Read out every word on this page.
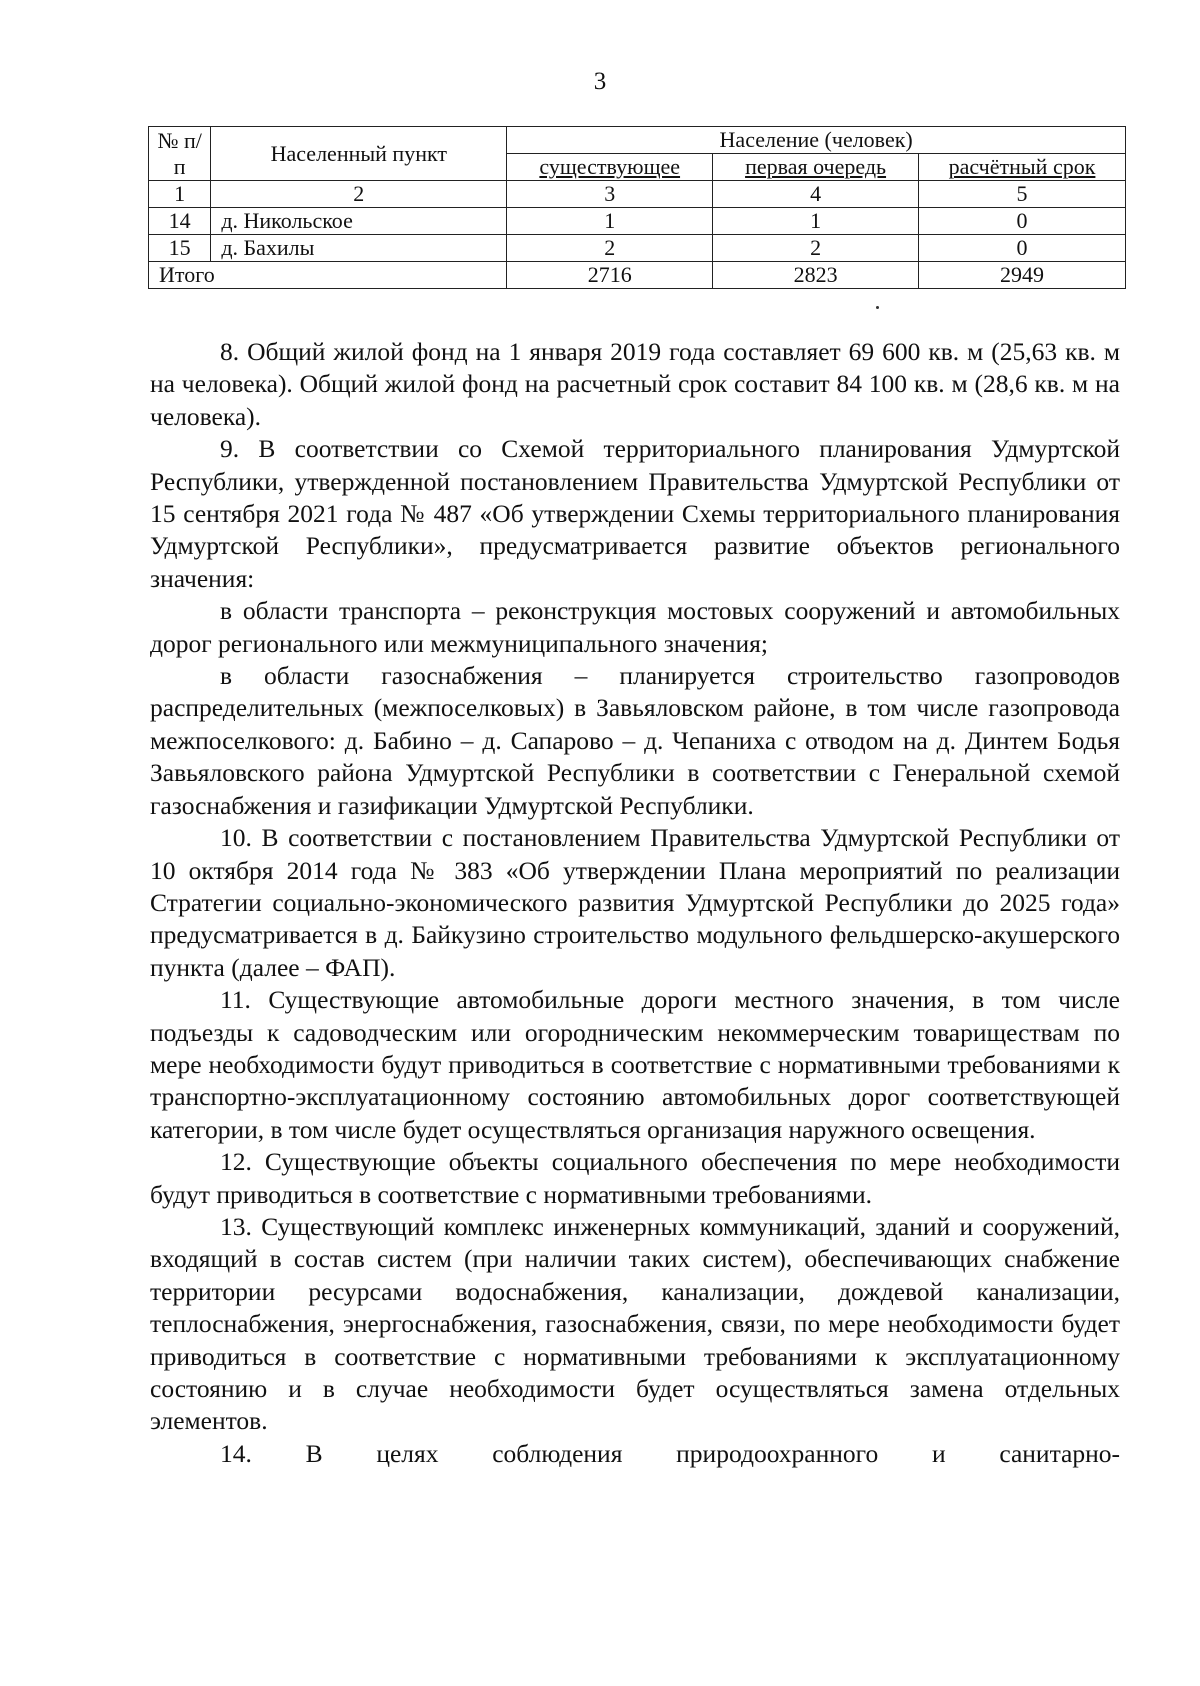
3
№ п/п	Населенный пункт	Население (человек)		
		существующее	первая очередь	расчётный срок
1	2	3	4	5
14	д. Никольское	1	1	0
15	д. Бахилы	2	2	0
Итого		2716	2823	2949

8. Общий жилой фонд на 1 января 2019 года составляет 69 600 кв. м (25,63 кв. м на человека). Общий жилой фонд на расчетный срок составит 84 100 кв. м (28,6 кв. м на человека).

9. В соответствии со Схемой территориального планирования Удмуртской Республики, утвержденной постановлением Правительства Удмуртской Республики от 15 сентября 2021 года № 487 «Об утверждении Схемы территориального планирования Удмуртской Республики», предусматривается развитие объектов регионального значения:

в области транспорта – реконструкция мостовых сооружений и автомобильных дорог регионального или межмуниципального значения;

в области газоснабжения – планируется строительство газопроводов распределительных (межпоселковых) в Завьяловском районе, в том числе газопровода межпоселкового: д. Бабино – д. Сапарово – д. Чепаниха с отводом на д. Динтем Бодья Завьяловского района Удмуртской Республики в соответствии с Генеральной схемой газоснабжения и газификации Удмуртской Республики.

10. В соответствии с постановлением Правительства Удмуртской Республики от 10 октября 2014 года № 383 «Об утверждении Плана мероприятий по реализации Стратегии социально-экономического развития Удмуртской Республики до 2025 года» предусматривается в д. Байкузино строительство модульного фельдшерско-акушерского пункта (далее – ФАП).

11. Существующие автомобильные дороги местного значения, в том числе подъезды к садоводческим или огородническим некоммерческим товариществам по мере необходимости будут приводиться в соответствие с нормативными требованиями к транспортно-эксплуатационному состоянию автомобильных дорог соответствующей категории, в том числе будет осуществляться организация наружного освещения.

12. Существующие объекты социального обеспечения по мере необходимости будут приводиться в соответствие с нормативными требованиями.

13. Существующий комплекс инженерных коммуникаций, зданий и сооружений, входящий в состав систем (при наличии таких систем), обеспечивающих снабжение территории ресурсами водоснабжения, канализации, дождевой канализации, теплоснабжения, энергоснабжения, газоснабжения, связи, по мере необходимости будет приводиться в соответствие с нормативными требованиями к эксплуатационному состоянию и в случае необходимости будет осуществляться замена отдельных элементов.

14. В целях соблюдения природоохранного и санитарно-
